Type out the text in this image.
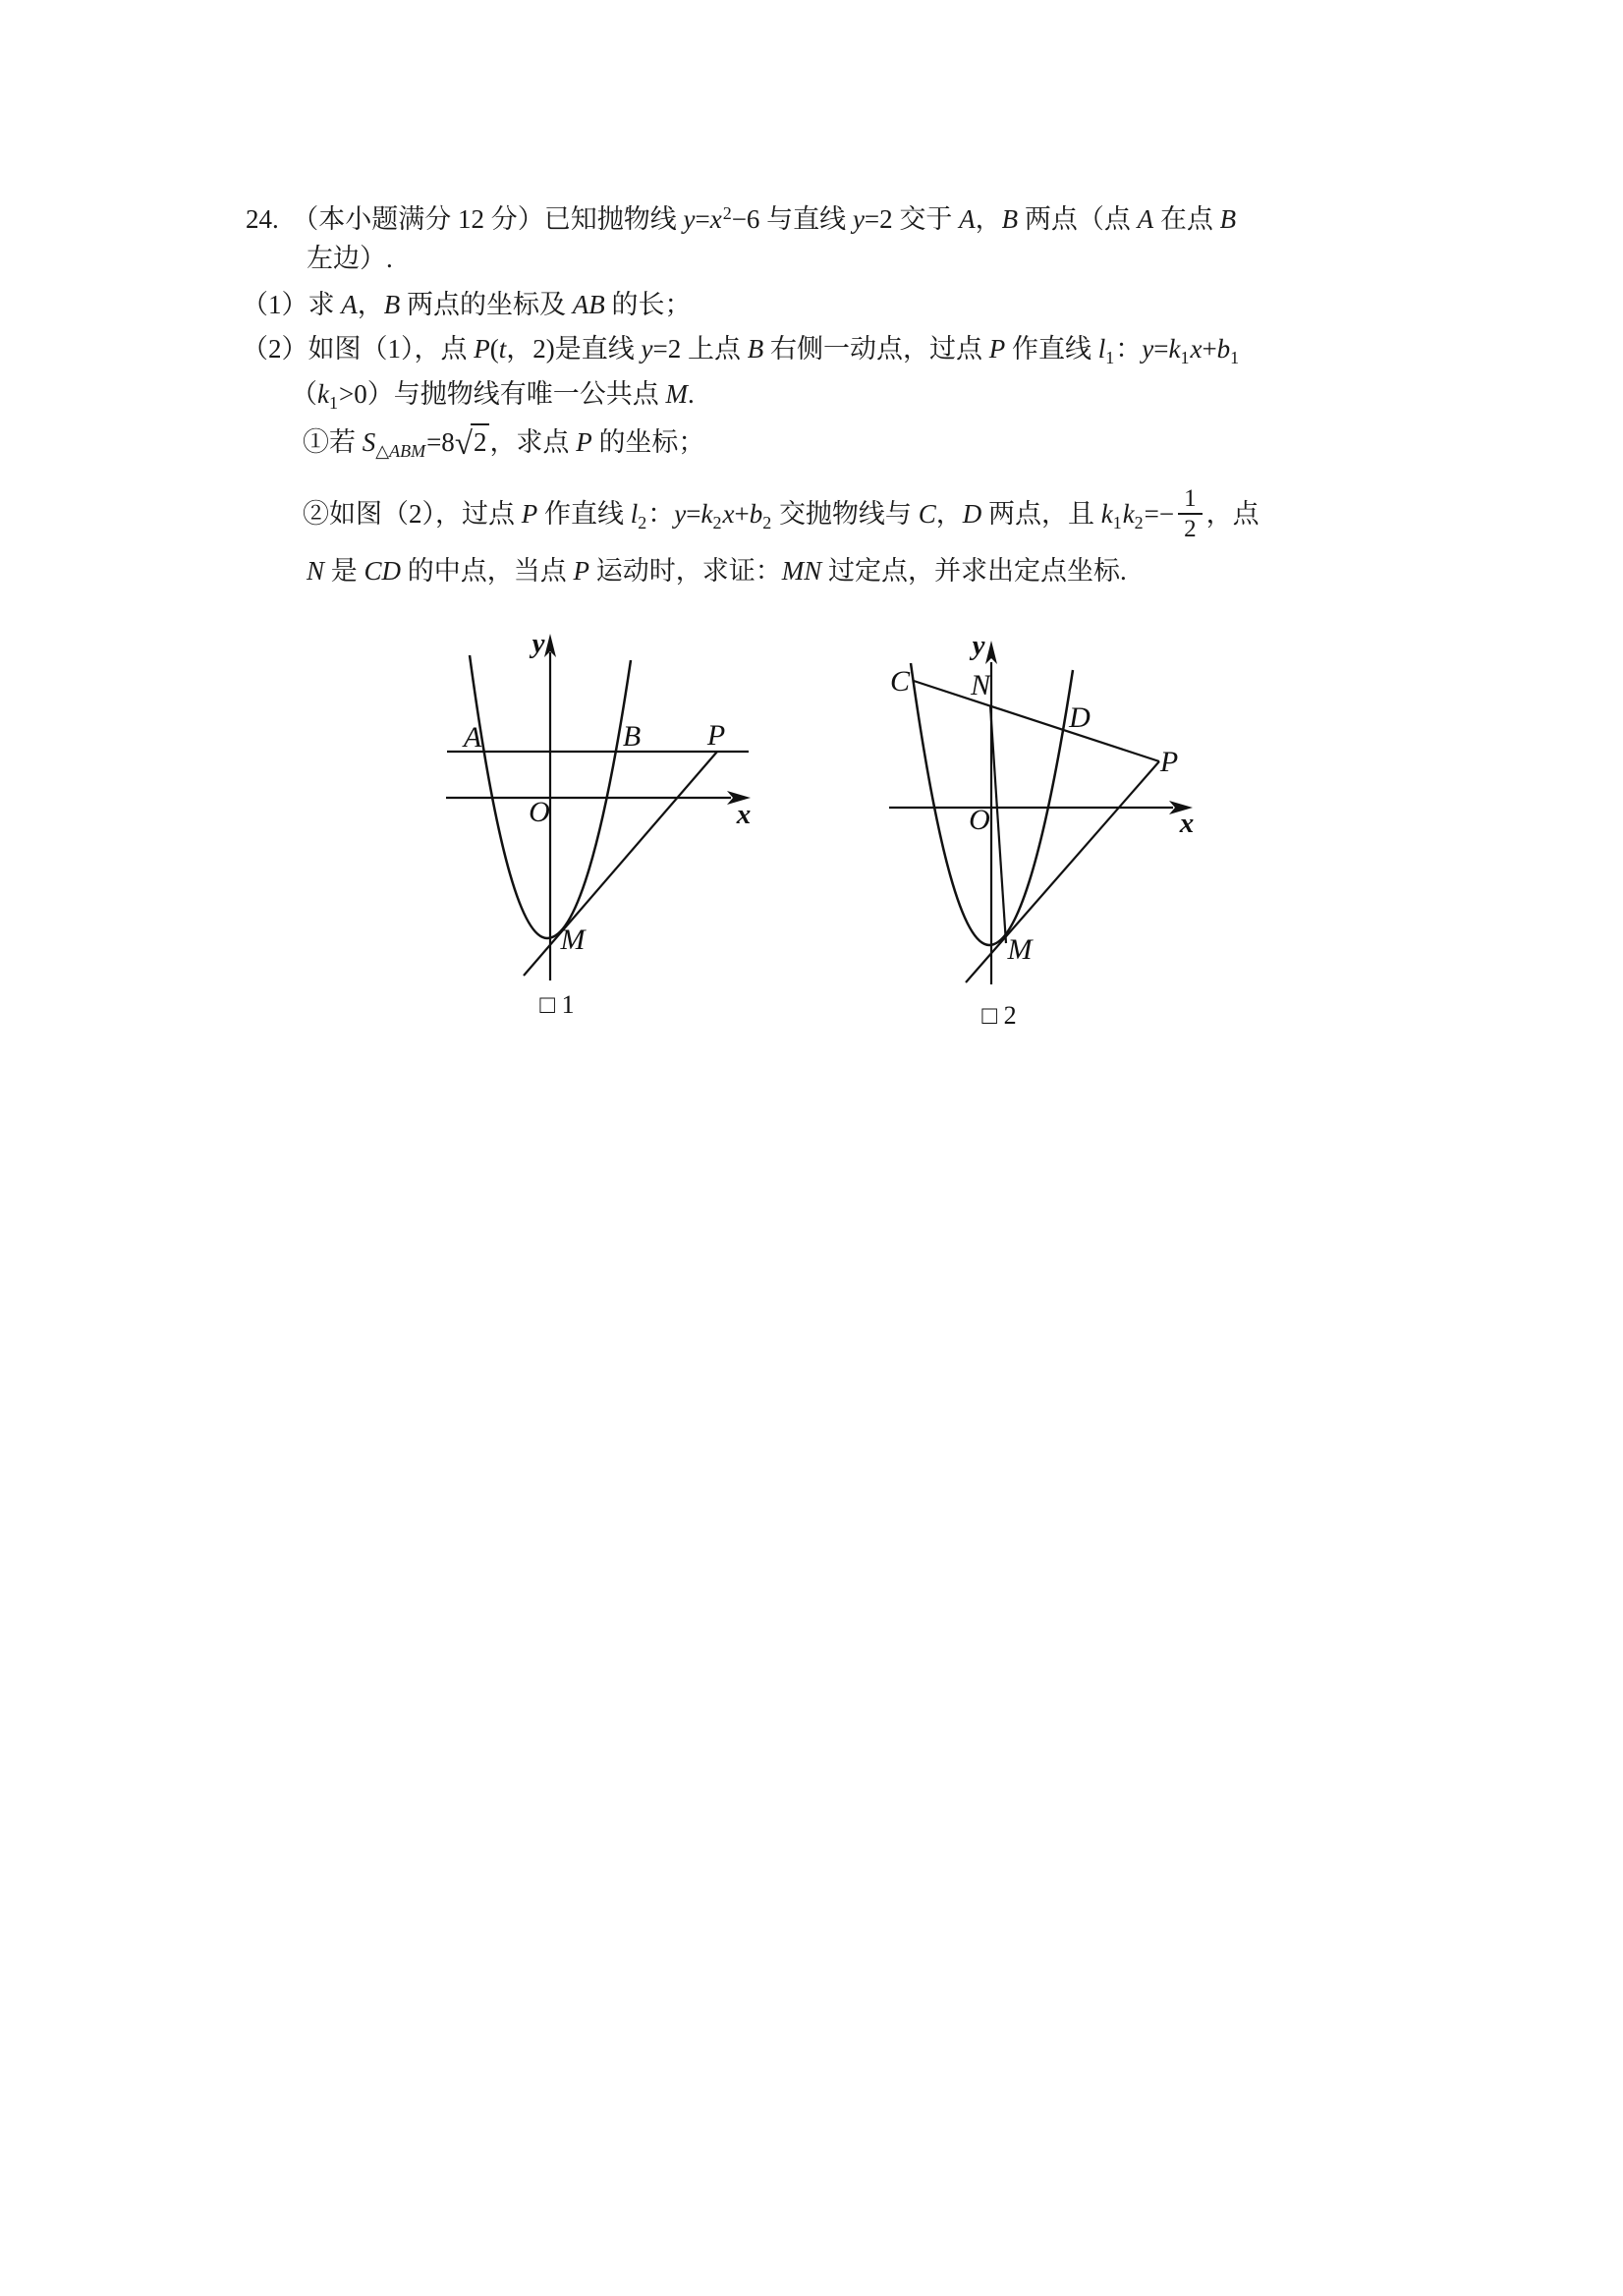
24.　（本小题满分 12 分）已知抛物线 $y=x^2-6$ 与直线 y=2 交于 A，B 两点（点 A 在点 B
左边）.
（1）求 A，B 两点的坐标及 AB 的长；
（2）如图（1），点 P(t，2)是直线 y=2 上点 B 右侧一动点，过点 P 作直线 $l_1$：$y=k_1x+b_1$
$(k_1>0)$与抛物线有唯一公共点 M.
①若 $S_{\triangle ABM}=8√$ 2 ，求点 P 的坐标；
②如图（2），过点 P 作直线 $l_2$：$y=k_2x+b_2$ 交抛物线与 C，D 两点，且 $k_1k_2=- \frac{1}{2}$ ，点
N 是 CD 的中点，当点 P 运动时，求证：MN 过定点，并求出定点坐标.
y
x
O
A	B P
M
□ 1
y
x
O
C N
D
P
M
□ 2
